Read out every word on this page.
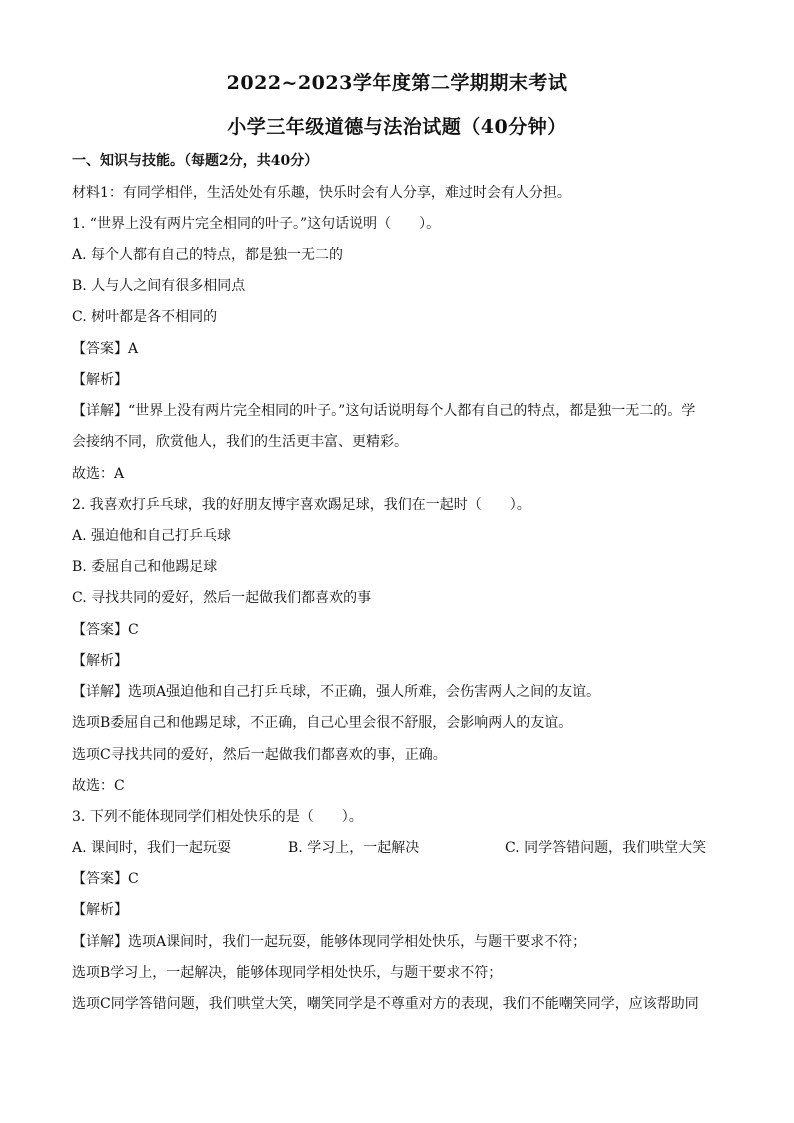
2022~2023学年度第二学期期末考试
小学三年级道德与法治试题（40分钟）
一、知识与技能。（每题2分，共40分）
材料1：有同学相伴，生活处处有乐趣，快乐时会有人分享，难过时会有人分担。
1. “世界上没有两片完全相同的叶子。”这句话说明（　　）。
A. 每个人都有自己的特点，都是独一无二的
B. 人与人之间有很多相同点
C. 树叶都是各不相同的
【答案】A
【解析】
【详解】“世界上没有两片完全相同的叶子。”这句话说明每个人都有自己的特点，都是独一无二的。学
会接纳不同，欣赏他人，我们的生活更丰富、更精彩。
故选：A
2. 我喜欢打乒乓球，我的好朋友博宇喜欢踢足球，我们在一起时（　　）。
A. 强迫他和自己打乒乓球
B. 委屈自己和他踢足球
C. 寻找共同的爱好，然后一起做我们都喜欢的事
【答案】C
【解析】
【详解】选项A强迫他和自己打乒乓球，不正确，强人所难，会伤害两人之间的友谊。
选项B委屈自己和他踢足球，不正确，自己心里会很不舒服，会影响两人的友谊。
选项C寻找共同的爱好，然后一起做我们都喜欢的事，正确。
故选：C
3. 下列不能体现同学们相处快乐的是（　　）。
A. 课间时，我们一起玩耍	B. 学习上，一起解决	C. 同学答错问题，我们哄堂大笑
【答案】C
【解析】
【详解】选项A课间时，我们一起玩耍，能够体现同学相处快乐，与题干要求不符；
选项B学习上，一起解决，能够体现同学相处快乐，与题干要求不符；
选项C同学答错问题，我们哄堂大笑，嘲笑同学是不尊重对方的表现，我们不能嘲笑同学，应该帮助同
